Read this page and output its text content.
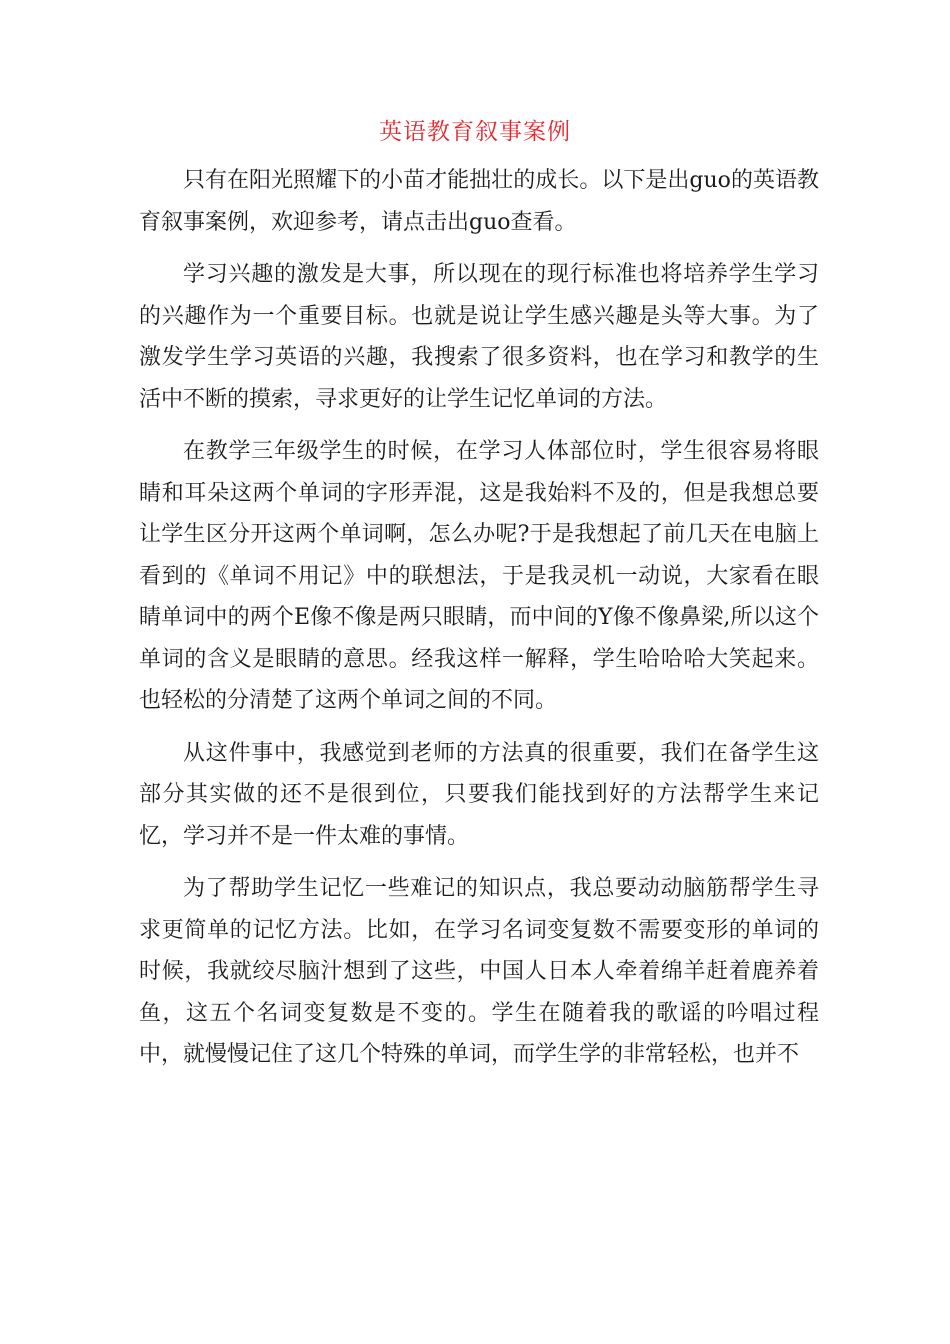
英语教育叙事案例

只有在阳光照耀下的小苗才能拙壮的成长。以下是出guo的英语教育叙事案例，欢迎参考，请点击出guo查看。

学习兴趣的激发是大事，所以现在的现行标准也将培养学生学习的兴趣作为一个重要目标。也就是说让学生感兴趣是头等大事。为了激发学生学习英语的兴趣，我搜索了很多资料，也在学习和教学的生活中不断的摸索，寻求更好的让学生记忆单词的方法。

在教学三年级学生的时候，在学习人体部位时，学生很容易将眼睛和耳朵这两个单词的字形弄混，这是我始料不及的，但是我想总要让学生区分开这两个单词啊，怎么办呢?于是我想起了前几天在电脑上看到的《单词不用记》中的联想法，于是我灵机一动说，大家看在眼睛单词中的两个E像不像是两只眼睛，而中间的Y像不像鼻梁,所以这个单词的含义是眼睛的意思。经我这样一解释，学生哈哈哈大笑起来。也轻松的分清楚了这两个单词之间的不同。

从这件事中，我感觉到老师的方法真的很重要，我们在备学生这部分其实做的还不是很到位，只要我们能找到好的方法帮学生来记忆，学习并不是一件太难的事情。

为了帮助学生记忆一些难记的知识点，我总要动动脑筋帮学生寻求更简单的记忆方法。比如，在学习名词变复数不需要变形的单词的时候，我就绞尽脑汁想到了这些，中国人日本人牵着绵羊赶着鹿养着鱼，这五个名词变复数是不变的。学生在随着我的歌谣的吟唱过程中，就慢慢记住了这几个特殊的单词，而学生学的非常轻松，也并不
